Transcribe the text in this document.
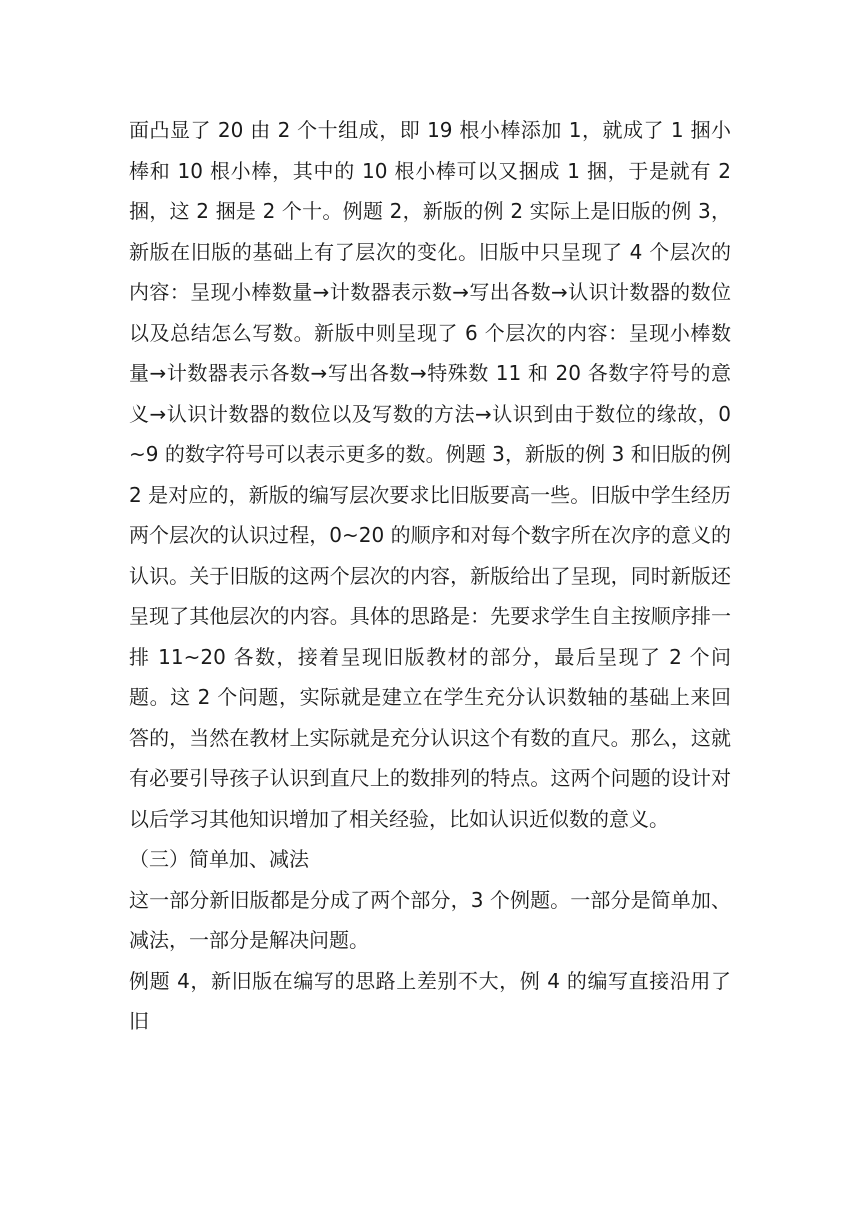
面凸显了 20 由 2 个十组成，即 19 根小棒添加 1，就成了 1 捆小棒和 10 根小棒，其中的 10 根小棒可以又捆成 1 捆，于是就有 2 捆，这 2 捆是 2 个十。例题 2，新版的例 2 实际上是旧版的例 3，新版在旧版的基础上有了层次的变化。旧版中只呈现了 4 个层次的内容：呈现小棒数量→计数器表示数→写出各数→认识计数器的数位以及总结怎么写数。新版中则呈现了 6 个层次的内容：呈现小棒数量→计数器表示各数→写出各数→特殊数 11 和 20 各数字符号的意义→认识计数器的数位以及写数的方法→认识到由于数位的缘故，0~9 的数字符号可以表示更多的数。例题 3，新版的例 3 和旧版的例 2 是对应的，新版的编写层次要求比旧版要高一些。旧版中学生经历两个层次的认识过程，0~20 的顺序和对每个数字所在次序的意义的认识。关于旧版的这两个层次的内容，新版给出了呈现，同时新版还呈现了其他层次的内容。具体的思路是：先要求学生自主按顺序排一排 11~20 各数，接着呈现旧版教材的部分，最后呈现了 2 个问题。这 2 个问题，实际就是建立在学生充分认识数轴的基础上来回答的，当然在教材上实际就是充分认识这个有数的直尺。那么，这就有必要引导孩子认识到直尺上的数排列的特点。这两个问题的设计对以后学习其他知识增加了相关经验，比如认识近似数的意义。

（三）简单加、减法

这一部分新旧版都是分成了两个部分，3 个例题。一部分是简单加、减法，一部分是解决问题。

例题 4，新旧版在编写的思路上差别不大，例 4 的编写直接沿用了旧
